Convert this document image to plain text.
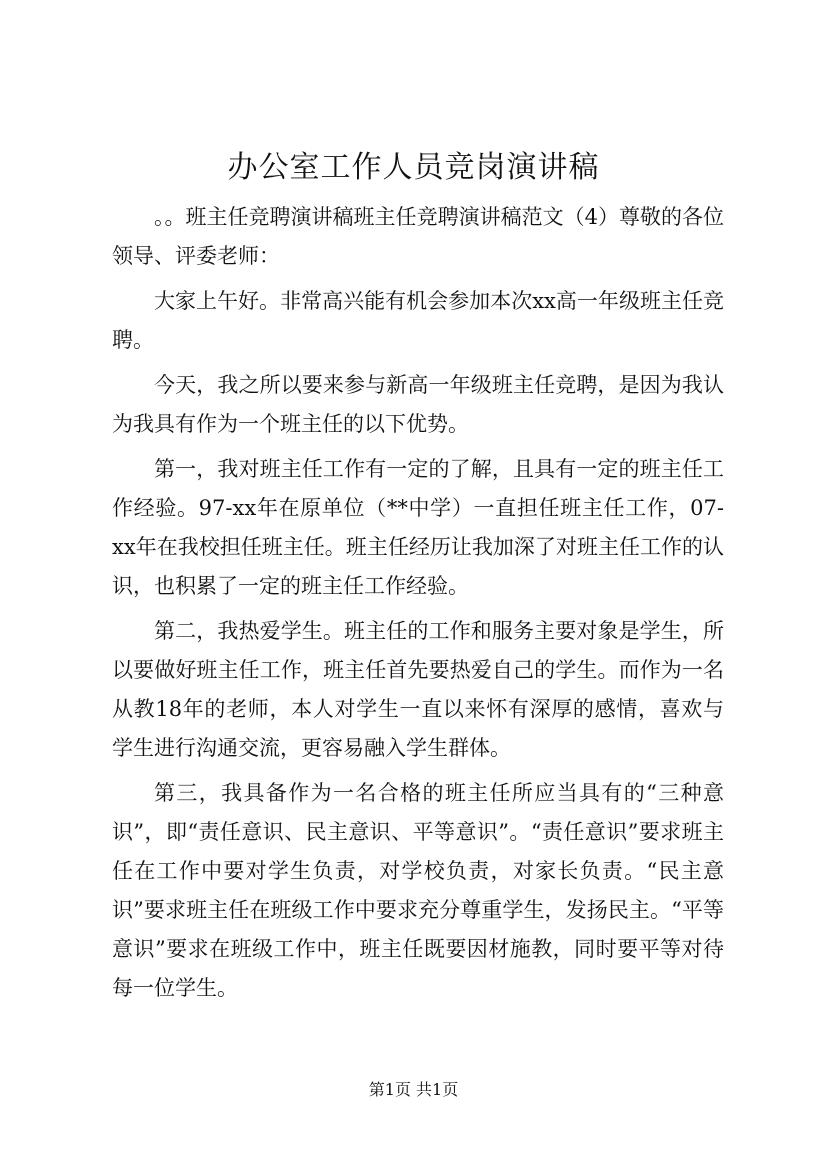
办公室工作人员竞岗演讲稿

。。班主任竞聘演讲稿班主任竞聘演讲稿范文（4）尊敬的各位领导、评委老师：

大家上午好。非常高兴能有机会参加本次xx高一年级班主任竞聘。

今天，我之所以要来参与新高一年级班主任竞聘，是因为我认为我具有作为一个班主任的以下优势。

第一，我对班主任工作有一定的了解，且具有一定的班主任工作经验。97-xx年在原单位（**中学）一直担任班主任工作，07-xx年在我校担任班主任。班主任经历让我加深了对班主任工作的认识，也积累了一定的班主任工作经验。

第二，我热爱学生。班主任的工作和服务主要对象是学生，所以要做好班主任工作，班主任首先要热爱自己的学生。而作为一名从教18年的老师，本人对学生一直以来怀有深厚的感情，喜欢与学生进行沟通交流，更容易融入学生群体。

第三，我具备作为一名合格的班主任所应当具有的“三种意识”，即“责任意识、民主意识、平等意识”。“责任意识”要求班主任在工作中要对学生负责，对学校负责，对家长负责。“民主意识”要求班主任在班级工作中要求充分尊重学生，发扬民主。“平等意识”要求在班级工作中，班主任既要因材施教，同时要平等对待每一位学生。

第1页 共1页
